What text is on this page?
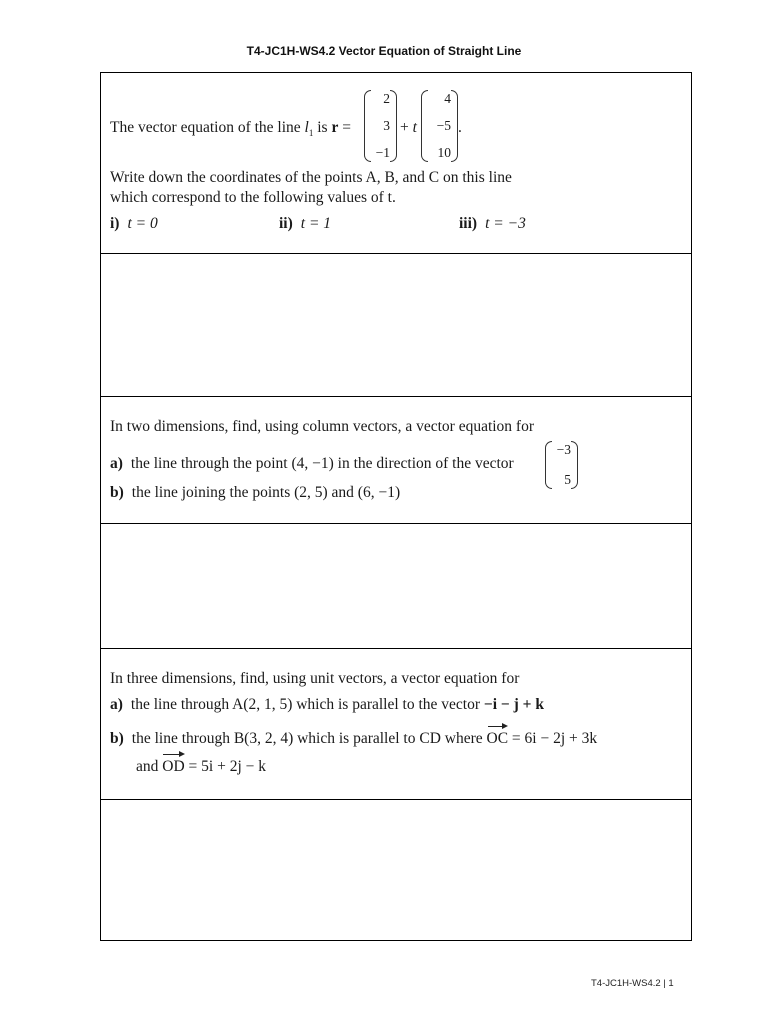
T4-JC1H-WS4.2 Vector Equation of Straight Line
The vector equation of the line $l_1$ is r =
2
3
−1
+ t
4
−5
10
.
Write down the coordinates of the points A, B, and C on this line
which correspond to the following values of t.
i) t = 0	ii) t = 1	iii) t = −3
In two dimensions, find, using column vectors, a vector equation for
a) the line through the point (4, −1) in the direction of the vector
−3
5
b) the line joining the points (2, 5) and (6, −1)
In three dimensions, find, using unit vectors, a vector equation for
a) the line through A(2, 1, 5) which is parallel to the vector −i − j + k
b) the line through B(3, 2, 4) which is parallel to CD where OC = 6i − 2j + 3k
and OD = 5i + 2j − k
T4-JC1H-WS4.2 | 1
